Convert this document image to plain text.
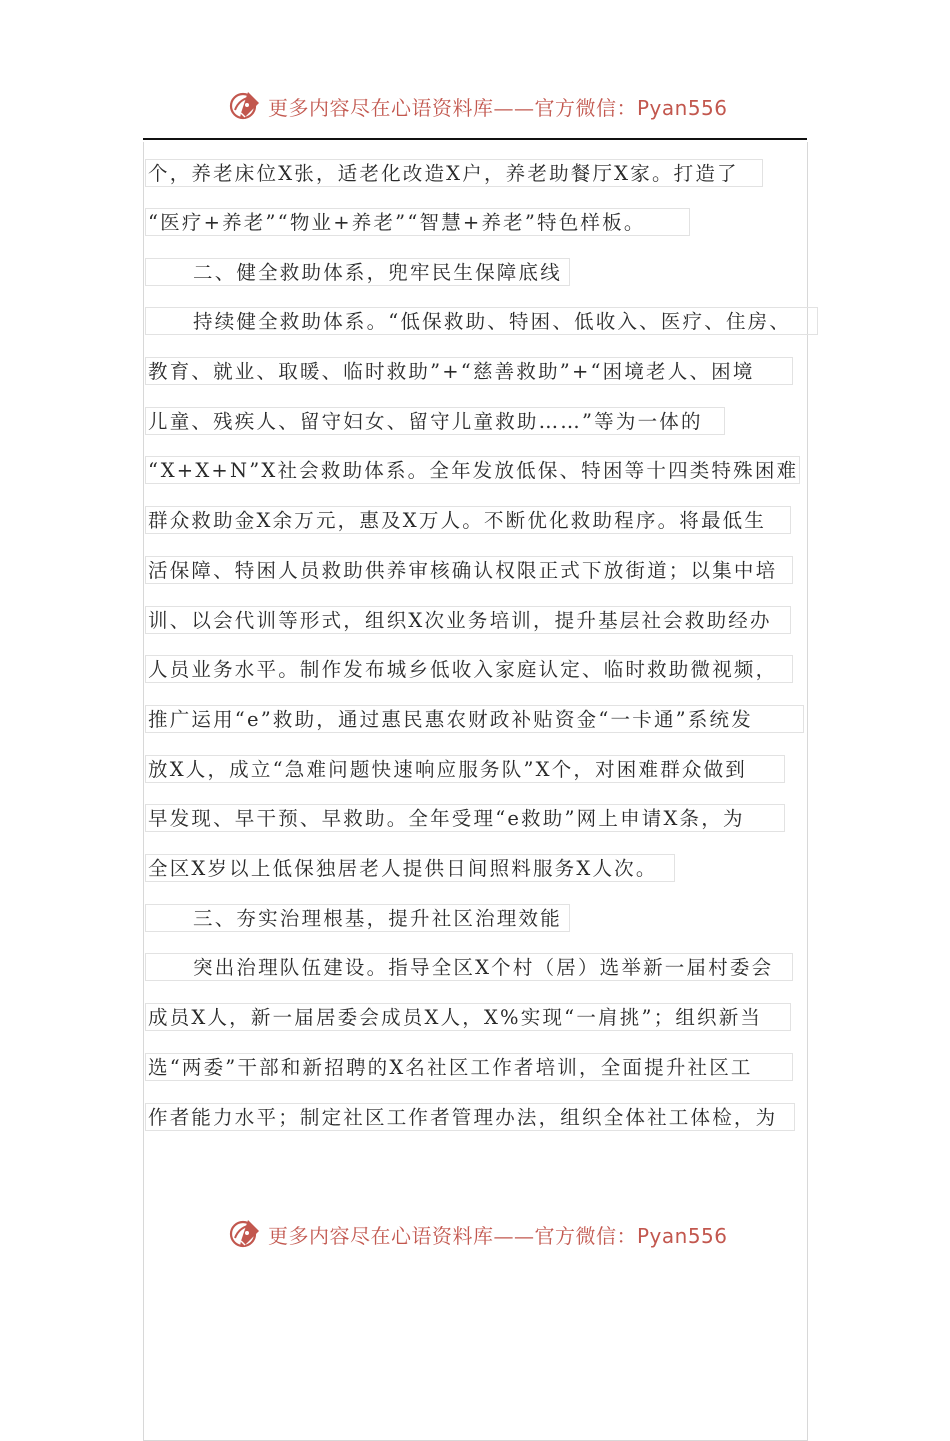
更多内容尽在心语资料库——官方微信：Pyan556
个，养老床位X张，适老化改造X户，养老助餐厅X家。打造了
“医疗+养老”“物业+养老”“智慧+养老”特色样板。
二、健全救助体系，兜牢民生保障底线
持续健全救助体系。“低保救助、特困、低收入、医疗、住房、
教育、就业、取暖、临时救助”+“慈善救助”+“困境老人、困境
儿童、残疾人、留守妇女、留守儿童救助……”等为一体的
“X+X+N”X社会救助体系。全年发放低保、特困等十四类特殊困难
群众救助金X余万元，惠及X万人。不断优化救助程序。将最低生
活保障、特困人员救助供养审核确认权限正式下放街道；以集中培
训、以会代训等形式，组织X次业务培训，提升基层社会救助经办
人员业务水平。制作发布城乡低收入家庭认定、临时救助微视频，
推广运用“e”救助，通过惠民惠农财政补贴资金“一卡通”系统发
放X人，成立“急难问题快速响应服务队”X个，对困难群众做到
早发现、早干预、早救助。全年受理“e救助”网上申请X条，为
全区X岁以上低保独居老人提供日间照料服务X人次。
三、夯实治理根基，提升社区治理效能
突出治理队伍建设。指导全区X个村（居）选举新一届村委会
成员X人，新一届居委会成员X人，X%实现“一肩挑”；组织新当
选“两委”干部和新招聘的X名社区工作者培训，全面提升社区工
作者能力水平；制定社区工作者管理办法，组织全体社工体检，为
更多内容尽在心语资料库——官方微信：Pyan556
